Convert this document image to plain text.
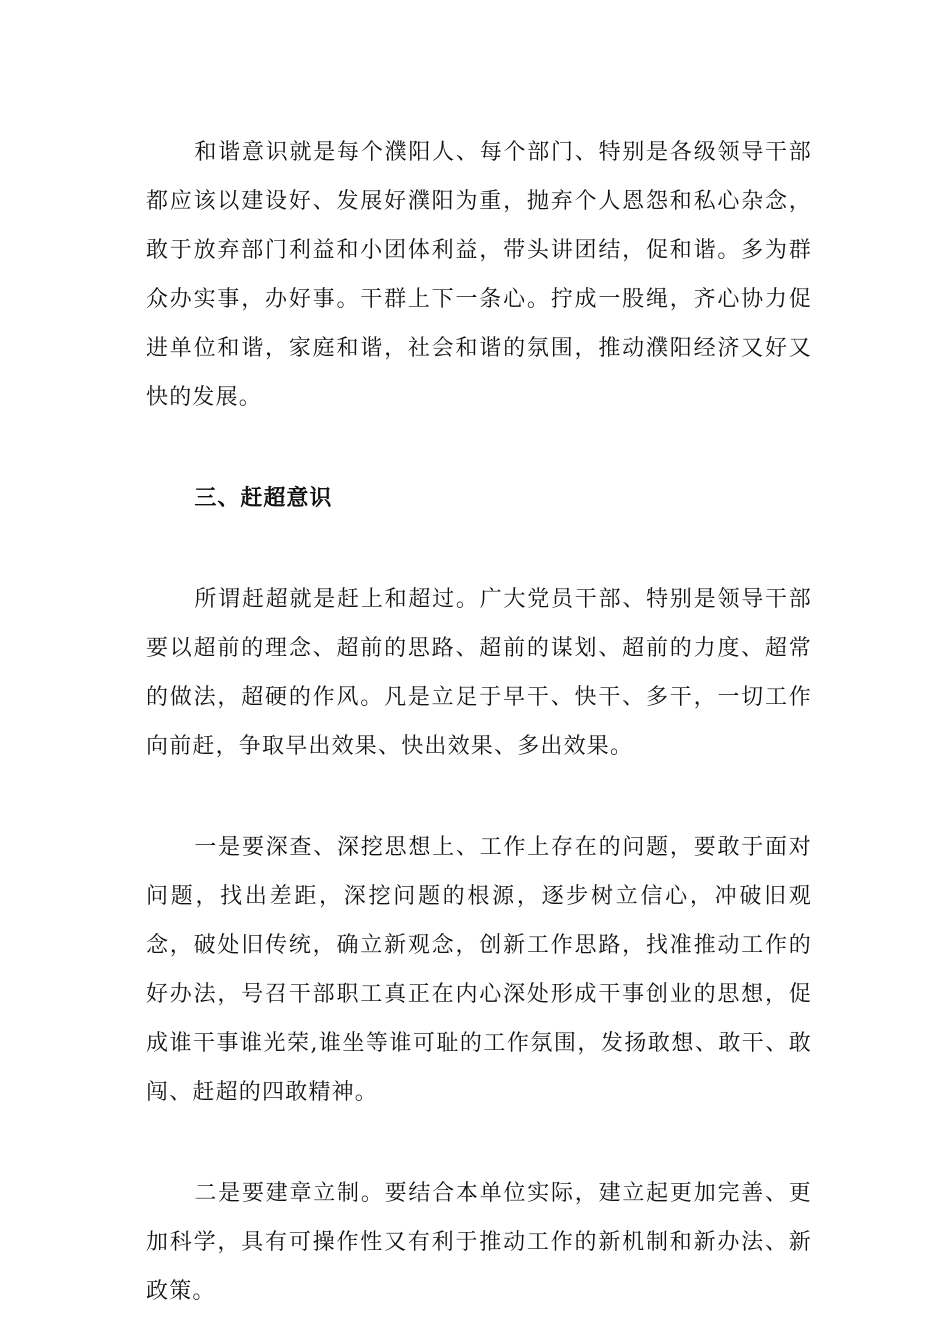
和谐意识就是每个濮阳人、每个部门、特别是各级领导干部都应该以建设好、发展好濮阳为重，抛弃个人恩怨和私心杂念，敢于放弃部门利益和小团体利益，带头讲团结，促和谐。多为群众办实事，办好事。干群上下一条心。拧成一股绳，齐心协力促进单位和谐，家庭和谐，社会和谐的氛围，推动濮阳经济又好又快的发展。

三、赶超意识

所谓赶超就是赶上和超过。广大党员干部、特别是领导干部要以超前的理念、超前的思路、超前的谋划、超前的力度、超常的做法，超硬的作风。凡是立足于早干、快干、多干，一切工作向前赶，争取早出效果、快出效果、多出效果。

一是要深查、深挖思想上、工作上存在的问题，要敢于面对问题，找出差距，深挖问题的根源，逐步树立信心，冲破旧观念，破处旧传统，确立新观念，创新工作思路，找准推动工作的好办法，号召干部职工真正在内心深处形成干事创业的思想，促成谁干事谁光荣,谁坐等谁可耻的工作氛围，发扬敢想、敢干、敢闯、赶超的四敢精神。

二是要建章立制。要结合本单位实际，建立起更加完善、更加科学，具有可操作性又有利于推动工作的新机制和新办法、新政策。
